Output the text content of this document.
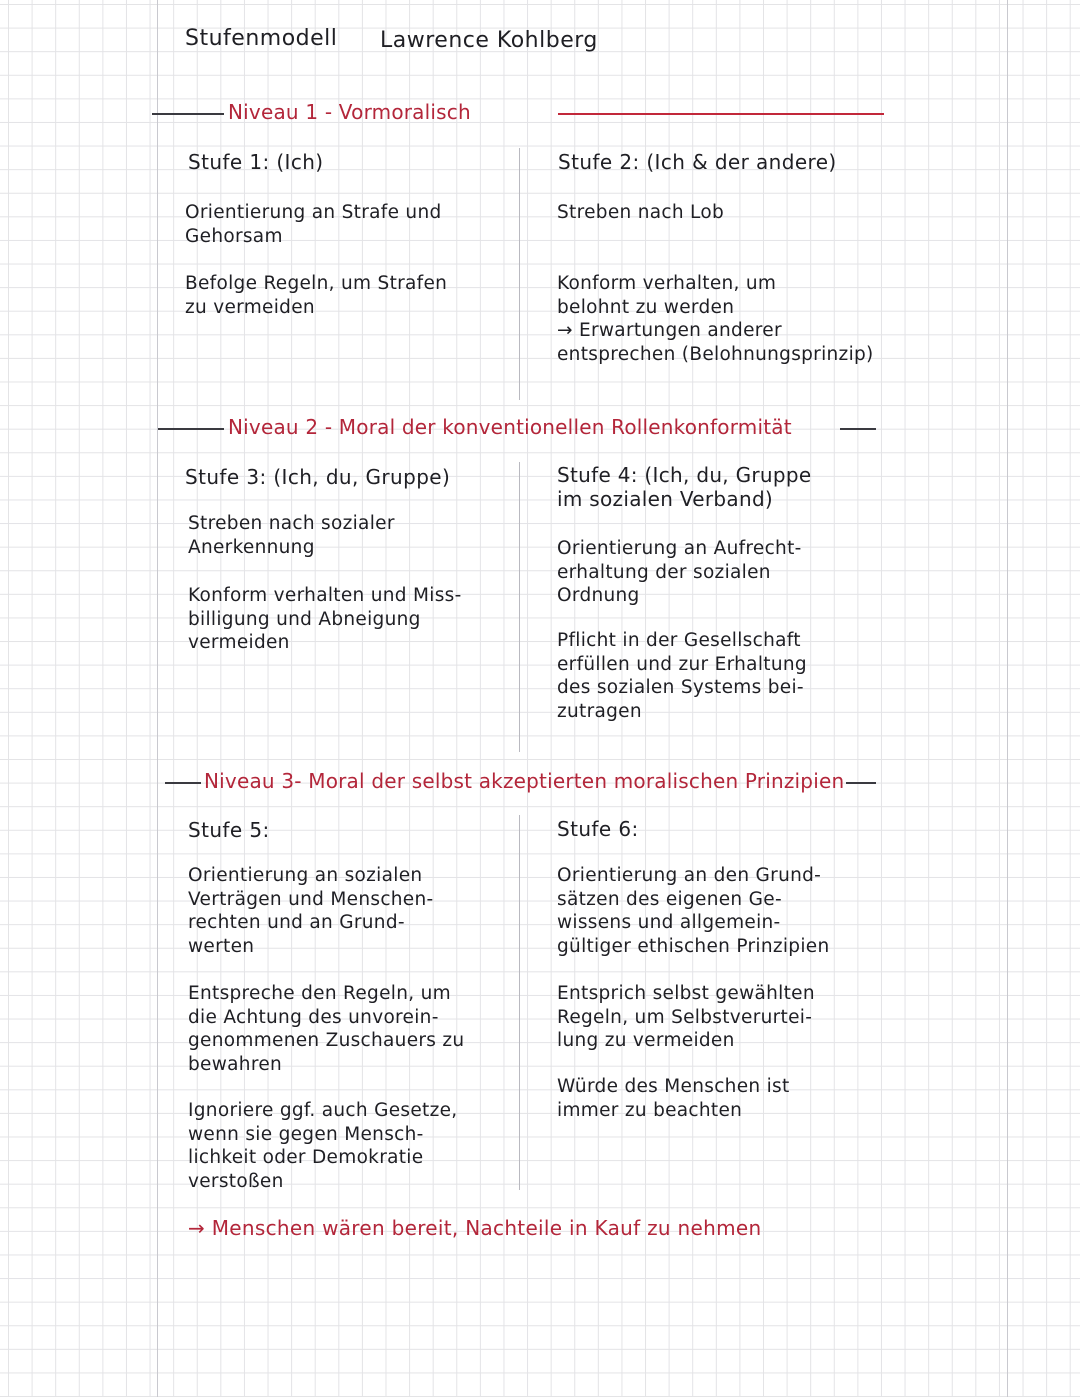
Stufenmodell Lawrence Kohlberg
Niveau 1 - Vormoralisch
Stufe 1: (Ich)
Orientierung an Strafe und
Gehorsam
Befolge Regeln, um Strafen
zu vermeiden
Stufe 2: (Ich & der andere)
Streben nach Lob
Konform verhalten, um
belohnt zu werden
→ Erwartungen anderer
entsprechen (Belohnungsprinzip)
Niveau 2 - Moral der konventionellen Rollenkonformität
Stufe 3: (Ich, du, Gruppe)
Streben nach sozialer
Anerkennung
Konform verhalten und Miss-
billigung und Abneigung
vermeiden
Stufe 4: (Ich, du, Gruppe
im sozialen Verband)
Orientierung an Aufrecht-
erhaltung der sozialen
Ordnung
Pflicht in der Gesellschaft
erfüllen und zur Erhaltung
des sozialen Systems bei-
zutragen
Niveau 3- Moral der selbst akzeptierten moralischen Prinzipien
Stufe 5:
Orientierung an sozialen
Verträgen und Menschen-
rechten und an Grund-
werten
Entspreche den Regeln, um
die Achtung des unvorein-
genommenen Zuschauers zu
bewahren
Ignoriere ggf. auch Gesetze,
wenn sie gegen Mensch-
lichkeit oder Demokratie
verstoßen
Stufe 6:
Orientierung an den Grund-
sätzen des eigenen Ge-
wissens und allgemein-
gültiger ethischen Prinzipien
Entsprich selbst gewählten
Regeln, um Selbstverurtei-
lung zu vermeiden
Würde des Menschen ist
immer zu beachten
→ Menschen wären bereit, Nachteile in Kauf zu nehmen
